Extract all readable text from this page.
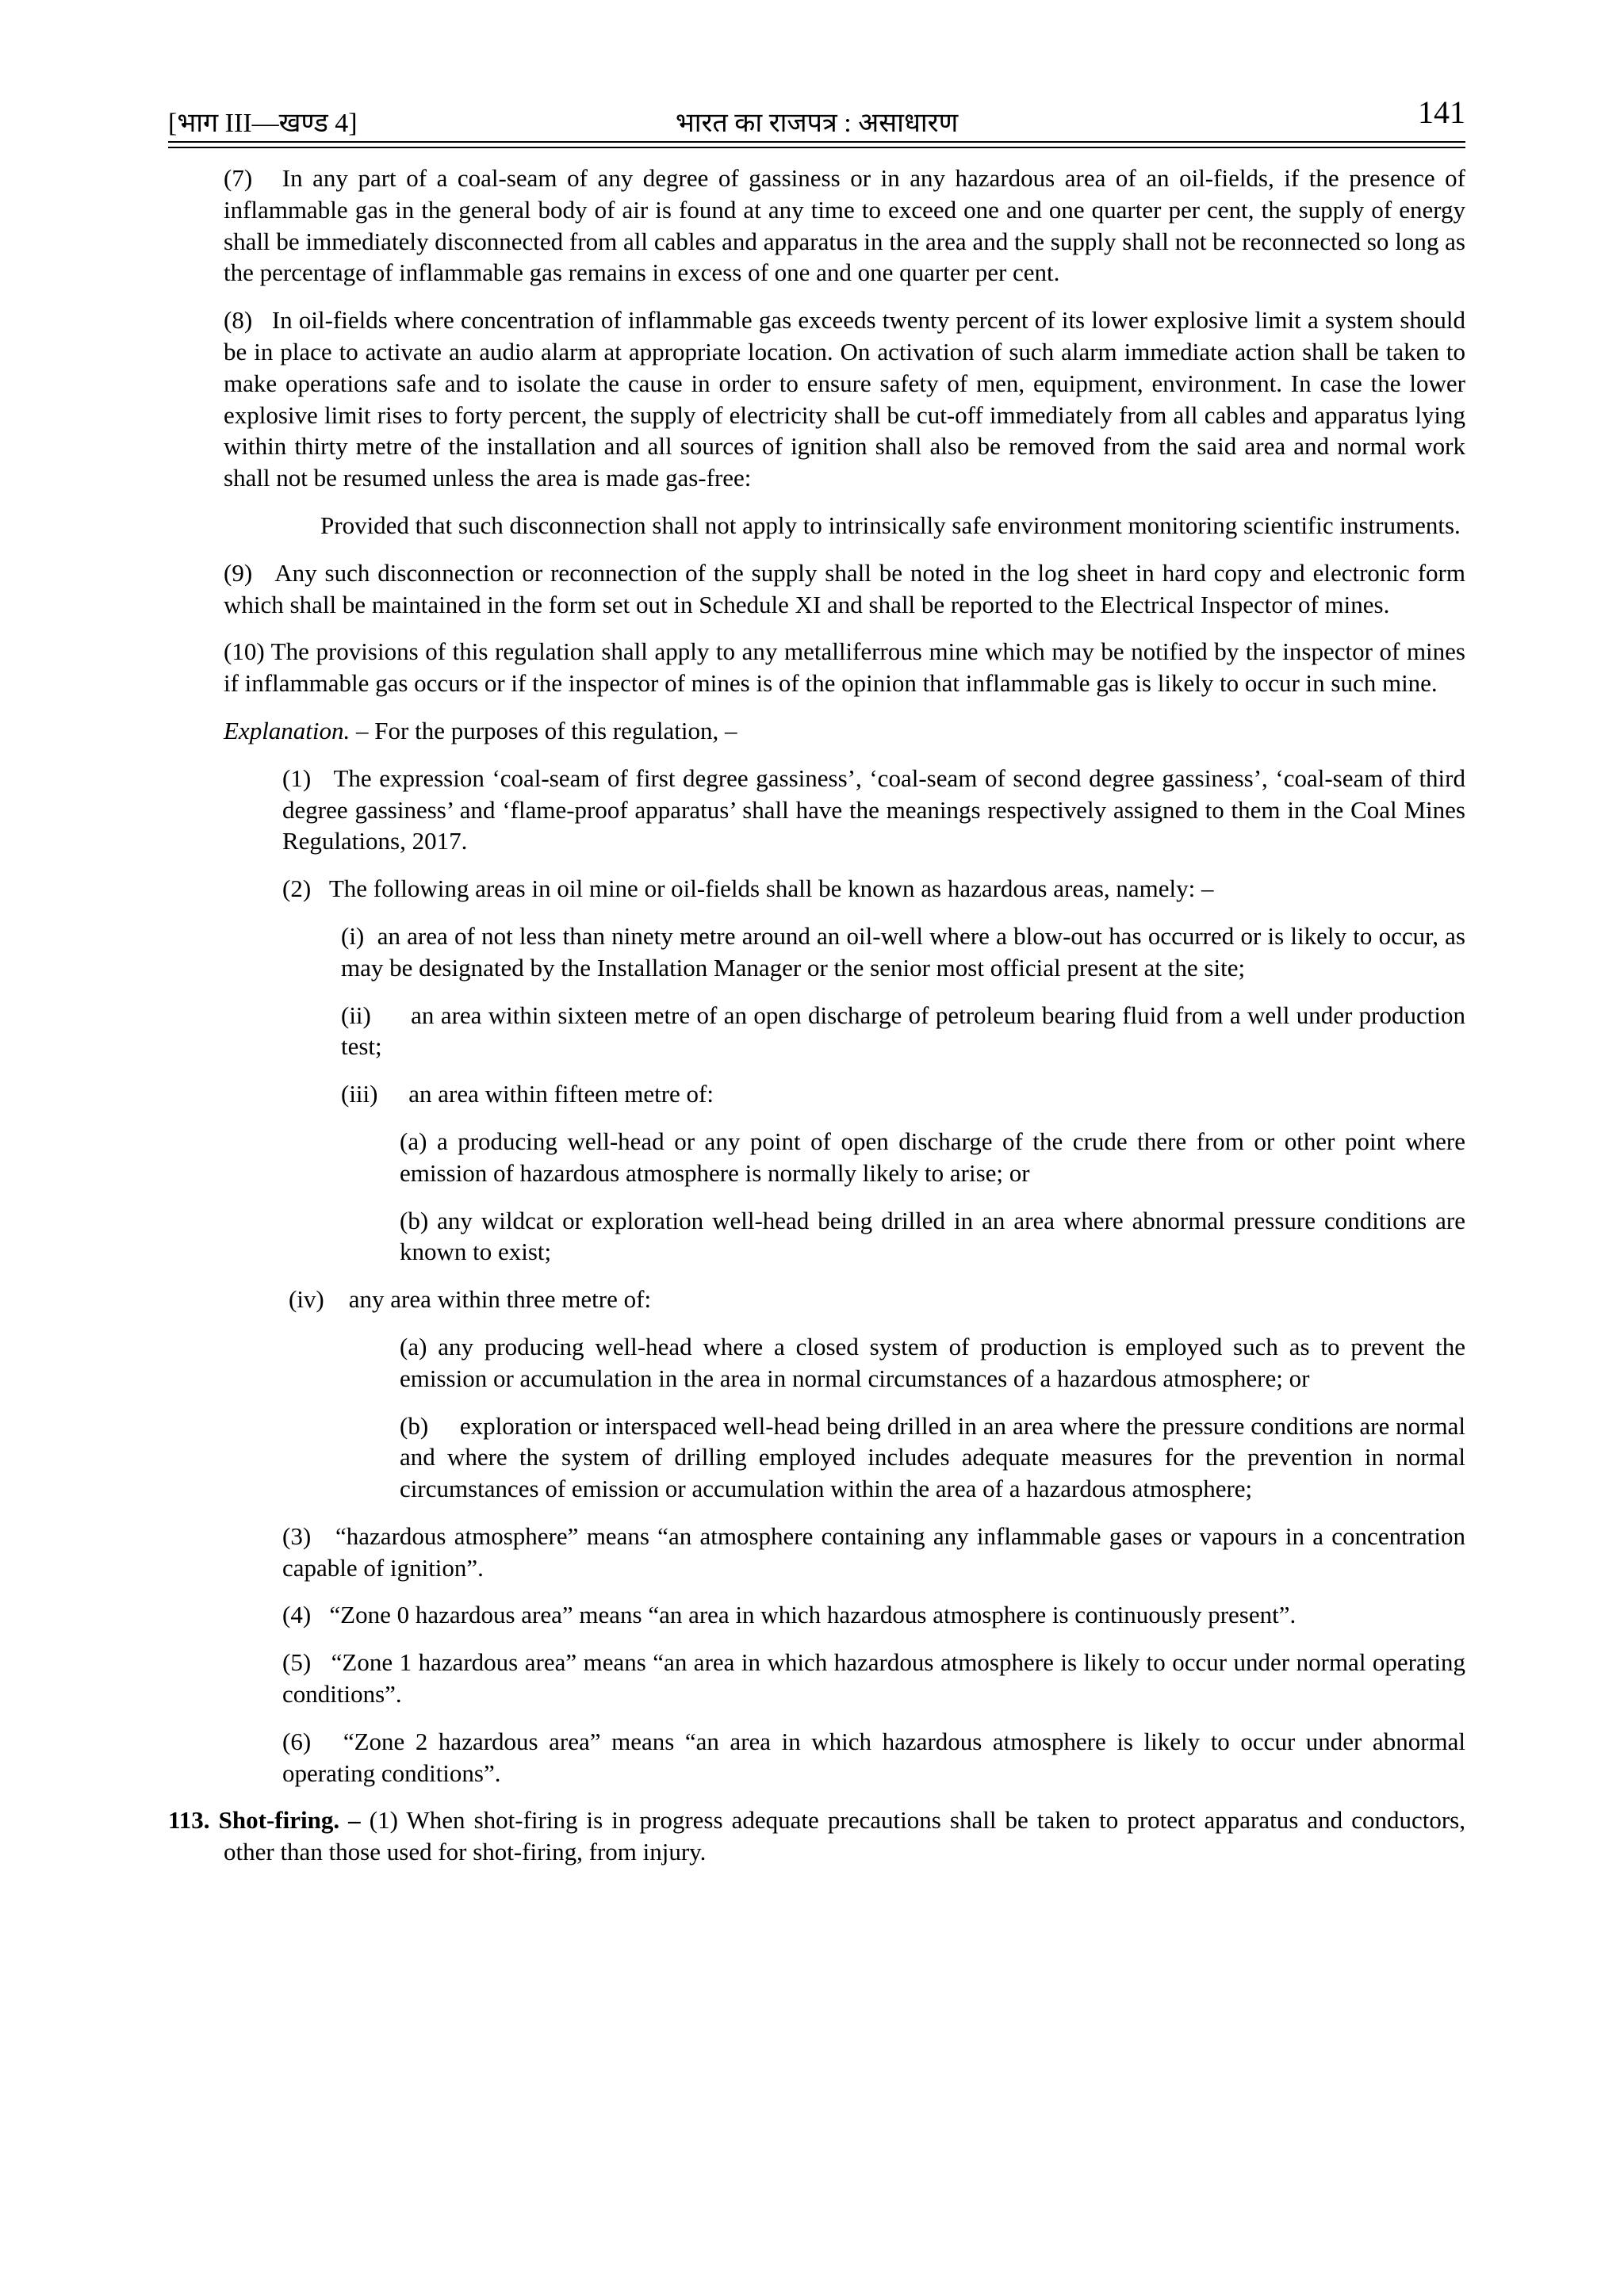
[भाग III—खण्ड 4]	भारत का राजपत्र : असाधारण	141

(7)   In any part of a coal-seam of any degree of gassiness or in any hazardous area of an oil-fields, if the presence of inflammable gas in the general body of air is found at any time to exceed one and one quarter per cent, the supply of energy shall be immediately disconnected from all cables and apparatus in the area and the supply shall not be reconnected so long as the percentage of inflammable gas remains in excess of one and one quarter per cent.

(8)   In oil-fields where concentration of inflammable gas exceeds twenty percent of its lower explosive limit a system should be in place to activate an audio alarm at appropriate location. On activation of such alarm immediate action shall be taken to make operations safe and to isolate the cause in order to ensure safety of men, equipment, environment. In case the lower explosive limit rises to forty percent, the supply of electricity shall be cut-off immediately from all cables and apparatus lying within thirty metre of the installation and all sources of ignition shall also be removed from the said area and normal work shall not be resumed unless the area is made gas-free:

Provided that such disconnection shall not apply to intrinsically safe environment monitoring scientific instruments.

(9)   Any such disconnection or reconnection of the supply shall be noted in the log sheet in hard copy and electronic form which shall be maintained in the form set out in Schedule XI and shall be reported to the Electrical Inspector of mines.

(10) The provisions of this regulation shall apply to any metalliferrous mine which may be notified by the inspector of mines if inflammable gas occurs or if the inspector of mines is of the opinion that inflammable gas is likely to occur in such mine.

Explanation. – For the purposes of this regulation, –

(1)   The expression ‘coal-seam of first degree gassiness’, ‘coal-seam of second degree gassiness’, ‘coal-seam of third degree gassiness’ and ‘flame-proof apparatus’ shall have the meanings respectively assigned to them in the Coal Mines Regulations, 2017.

(2)   The following areas in oil mine or oil-fields shall be known as hazardous areas, namely: –

(i)  an area of not less than ninety metre around an oil-well where a blow-out has occurred or is likely to occur, as may be designated by the Installation Manager or the senior most official present at the site;

(ii)      an area within sixteen metre of an open discharge of petroleum bearing fluid from a well under production test;

(iii)     an area within fifteen metre of:

(a) a producing well-head or any point of open discharge of the crude there from or other point where emission of hazardous atmosphere is normally likely to arise; or

(b) any wildcat or exploration well-head being drilled in an area where abnormal pressure conditions are known to exist;

(iv)    any area within three metre of:

(a) any producing well-head where a closed system of production is employed such as to prevent the emission or accumulation in the area in normal circumstances of a hazardous atmosphere; or

(b)     exploration or interspaced well-head being drilled in an area where the pressure conditions are normal and where the system of drilling employed includes adequate measures for the prevention in normal circumstances of emission or accumulation within the area of a hazardous atmosphere;

(3)   “hazardous atmosphere” means “an atmosphere containing any inflammable gases or vapours in a concentration capable of ignition”.

(4)   “Zone 0 hazardous area” means “an area in which hazardous atmosphere is continuously present”.

(5)   “Zone 1 hazardous area” means “an area in which hazardous atmosphere is likely to occur under normal operating conditions”.

(6)   “Zone 2 hazardous area” means “an area in which hazardous atmosphere is likely to occur under abnormal operating conditions”.

113. Shot-firing. – (1) When shot-firing is in progress adequate precautions shall be taken to protect apparatus and conductors, other than those used for shot-firing, from injury.
